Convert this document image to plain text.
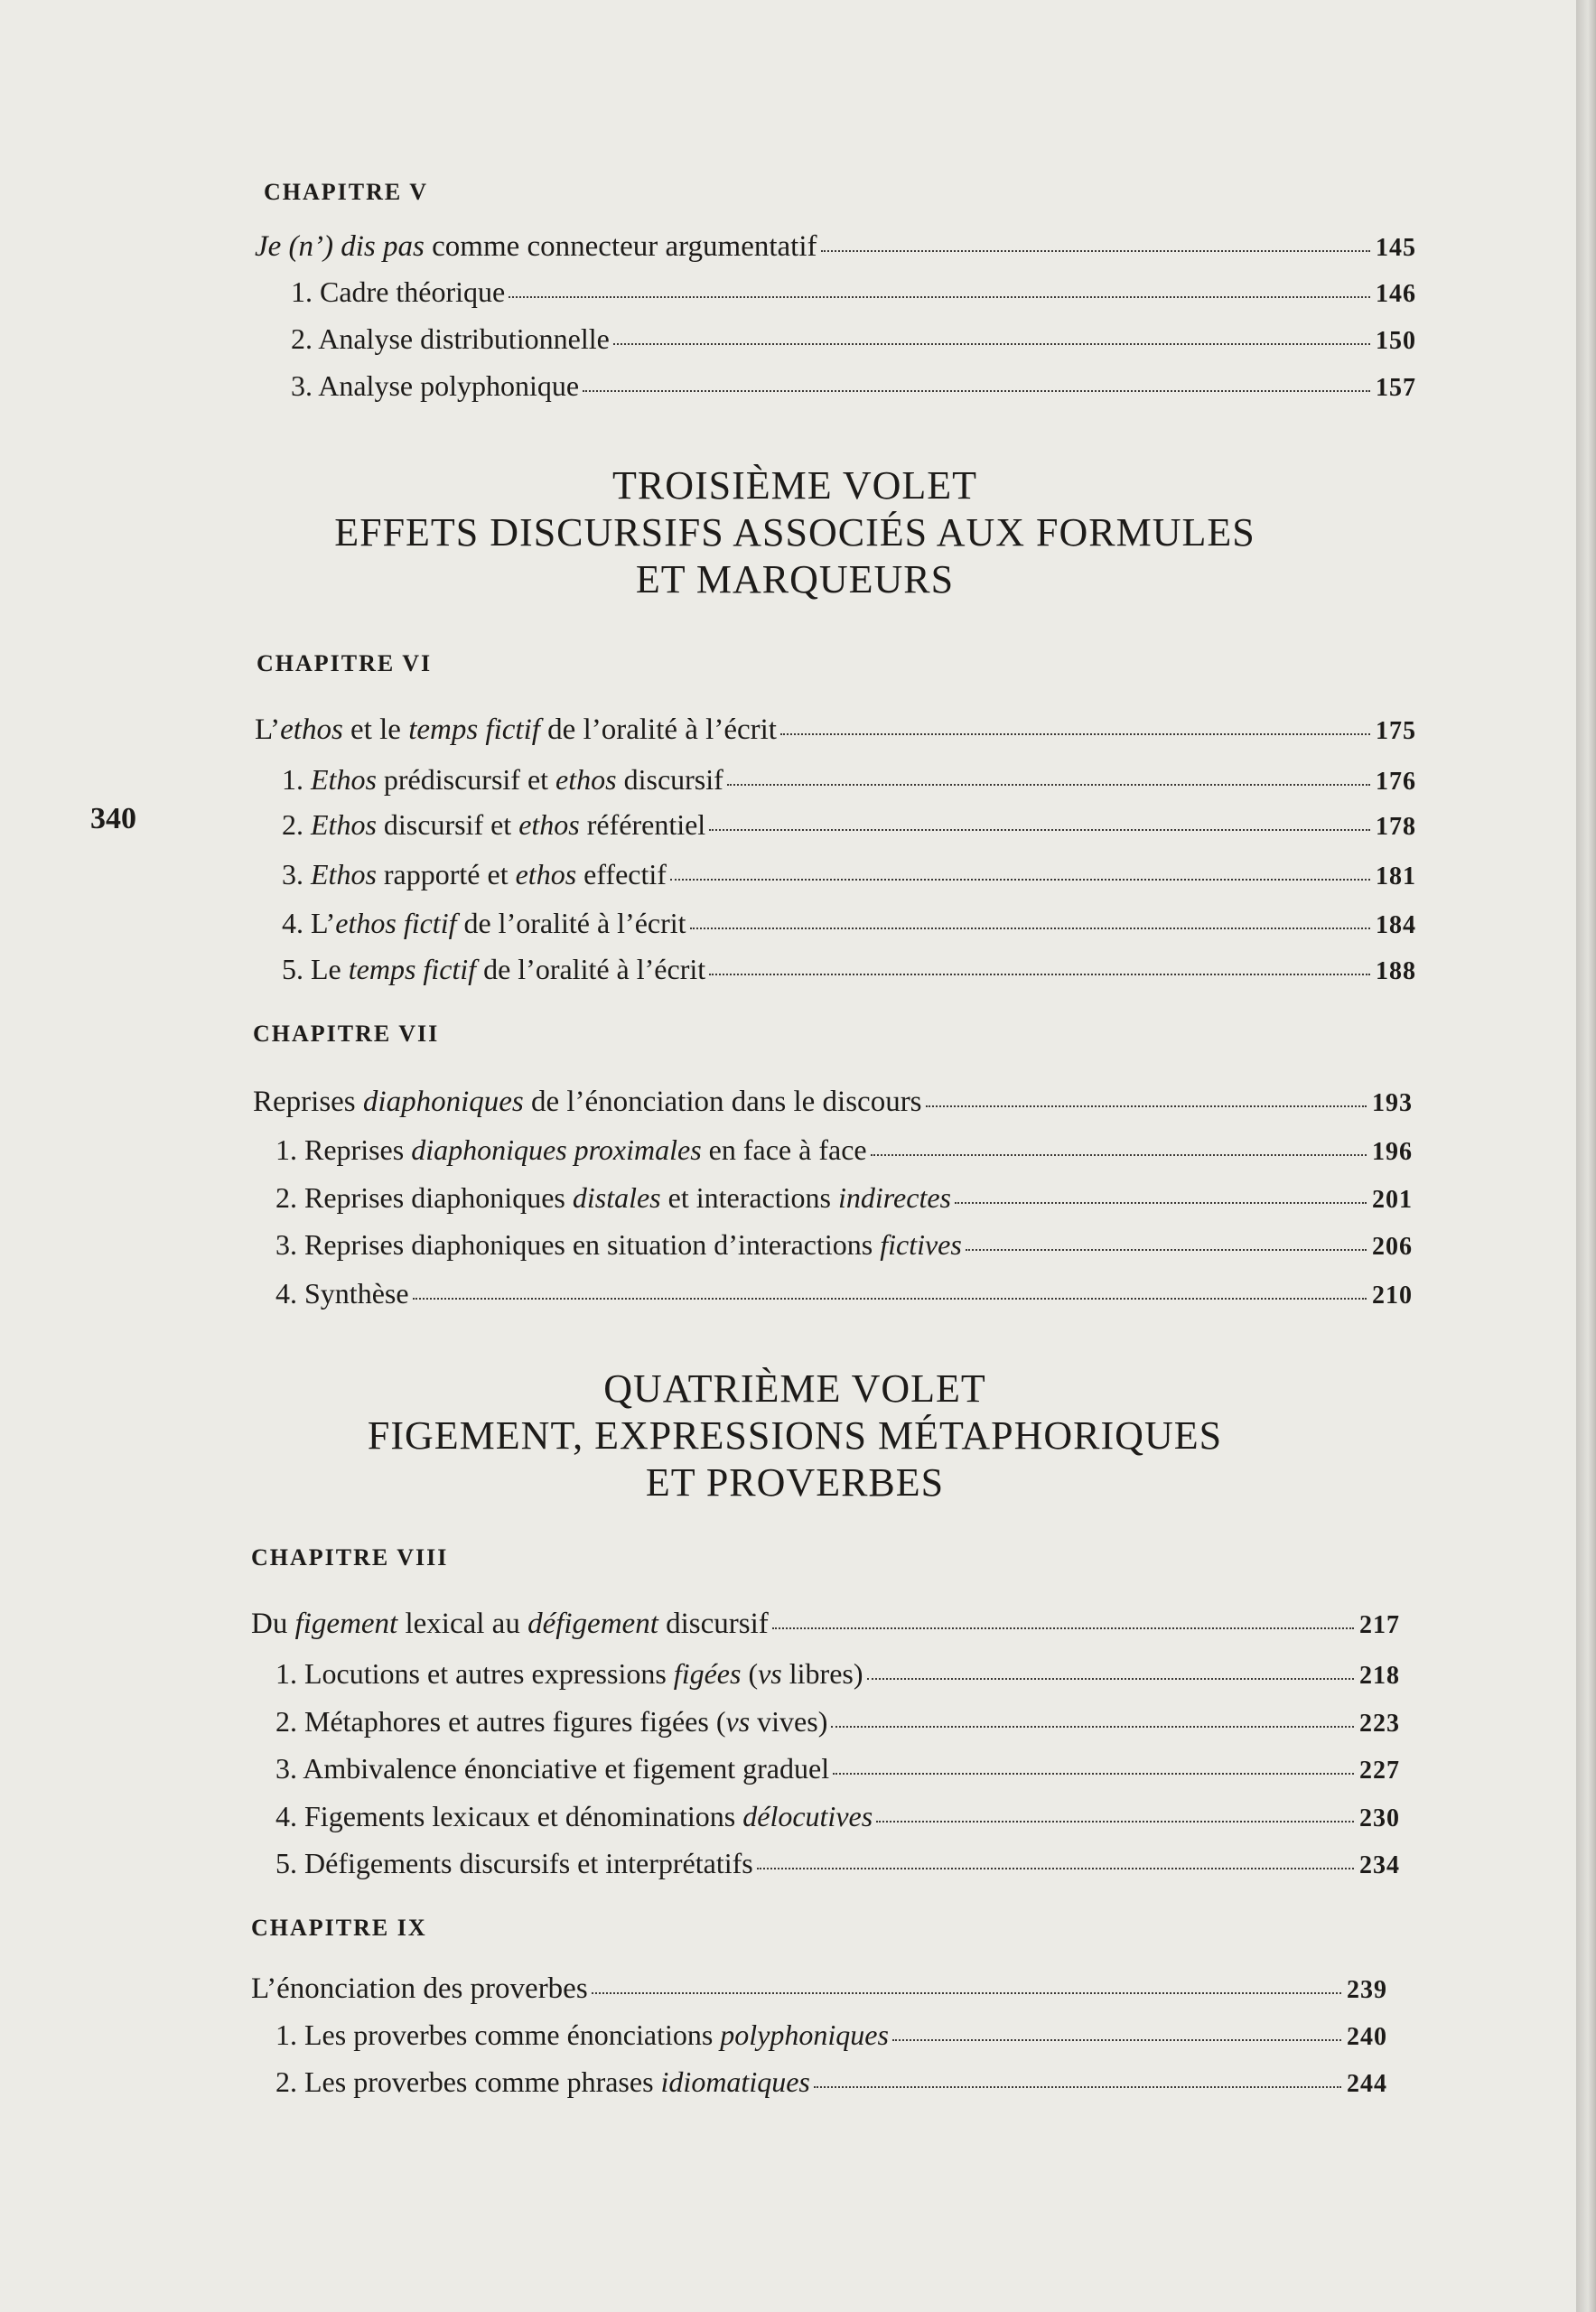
340
CHAPITRE V
Je (n’) dis pas comme connecteur argumentatif	145
1. Cadre théorique	146
2. Analyse distributionnelle	150
3. Analyse polyphonique	157
TROISIÈME VOLET
EFFETS DISCURSIFS ASSOCIÉS AUX FORMULES
ET MARQUEURS
CHAPITRE VI
L’ethos et le temps fictif de l’oralité à l’écrit	175
1. Ethos prédiscursif et ethos discursif	176
2. Ethos discursif et ethos référentiel	178
3. Ethos rapporté et ethos effectif	181
4. L’ethos fictif de l’oralité à l’écrit	184
5. Le temps fictif de l’oralité à l’écrit	188
CHAPITRE VII
Reprises diaphoniques de l’énonciation dans le discours	193
1. Reprises diaphoniques proximales en face à face	196
2. Reprises diaphoniques distales et interactions indirectes	201
3. Reprises diaphoniques en situation d’interactions fictives	206
4. Synthèse	210
QUATRIÈME VOLET
FIGEMENT, EXPRESSIONS MÉTAPHORIQUES
ET PROVERBES
CHAPITRE VIII
Du figement lexical au défigement discursif	217
1. Locutions et autres expressions figées (vs libres)	218
2. Métaphores et autres figures figées (vs vives)	223
3. Ambivalence énonciative et figement graduel	227
4. Figements lexicaux et dénominations délocutives	230
5. Défigements discursifs et interprétatifs	234
CHAPITRE IX
L’énonciation des proverbes	239
1. Les proverbes comme énonciations polyphoniques	240
2. Les proverbes comme phrases idiomatiques	244
